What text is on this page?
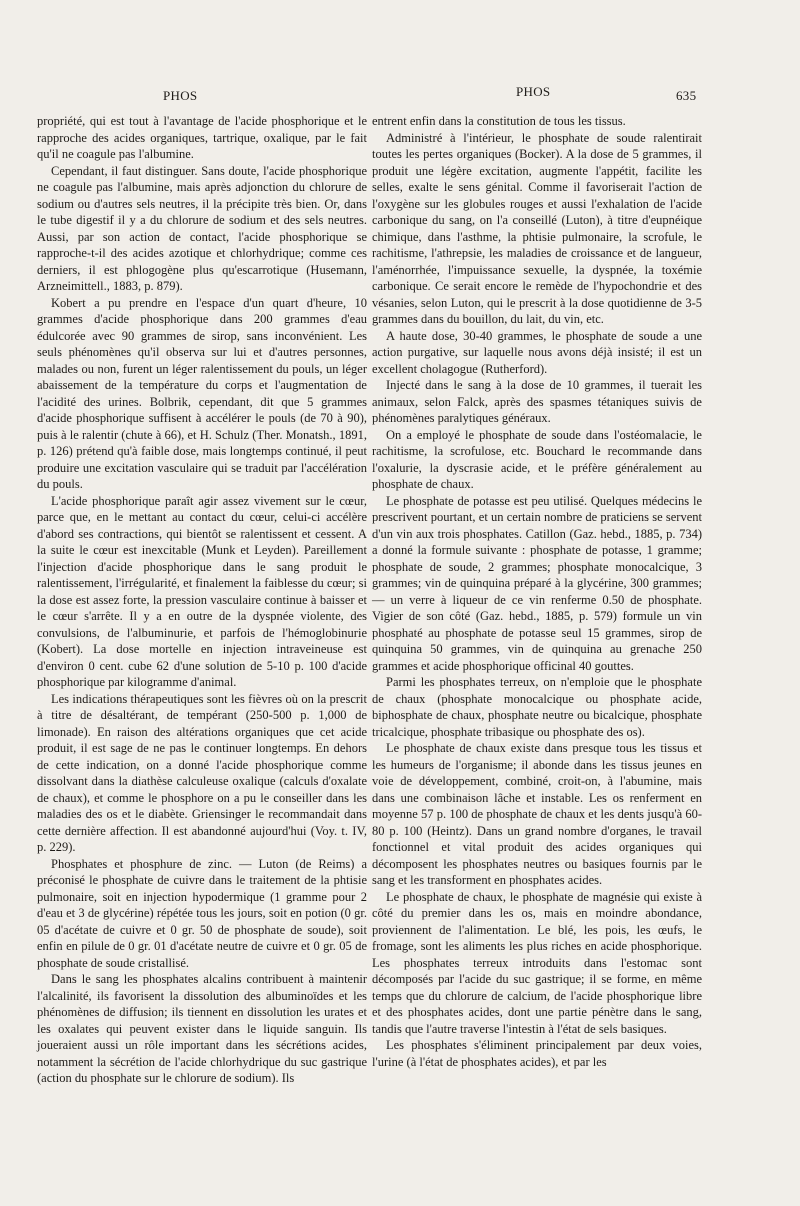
PHOS	PHOS	635

propriété, qui est tout à l'avantage de l'acide phosphorique et le rapproche des acides organiques, tartrique, oxalique, par le fait qu'il ne coagule pas l'albumine.

Cependant, il faut distinguer. Sans doute, l'acide phosphorique ne coagule pas l'albumine, mais après adjonction du chlorure de sodium ou d'autres sels neutres, il la précipite très bien. Or, dans le tube digestif il y a du chlorure de sodium et des sels neutres. Aussi, par son action de contact, l'acide phosphorique se rapproche-t-il des acides azotique et chlorhydrique; comme ces derniers, il est phlogogène plus qu'escarrotique (Husemann, Arzneimittell., 1883, p. 879).

Kobert a pu prendre en l'espace d'un quart d'heure, 10 grammes d'acide phosphorique dans 200 grammes d'eau édulcorée avec 90 grammes de sirop, sans inconvénient. Les seuls phénomènes qu'il observa sur lui et d'autres personnes, malades ou non, furent un léger ralentissement du pouls, un léger abaissement de la température du corps et l'augmentation de l'acidité des urines. Bolbrik, cependant, dit que 5 grammes d'acide phosphorique suffisent à accélérer le pouls (de 70 à 90), puis à le ralentir (chute à 66), et H. Schulz (Ther. Monatsh., 1891, p. 126) prétend qu'à faible dose, mais longtemps continué, il peut produire une excitation vasculaire qui se traduit par l'accélération du pouls.

L'acide phosphorique paraît agir assez vivement sur le cœur, parce que, en le mettant au contact du cœur, celui-ci accélère d'abord ses contractions, qui bientôt se ralentissent et cessent. A la suite le cœur est inexcitable (Munk et Leyden). Pareillement l'injection d'acide phosphorique dans le sang produit le ralentissement, l'irrégularité, et finalement la faiblesse du cœur; si la dose est assez forte, la pression vasculaire continue à baisser et le cœur s'arrête. Il y a en outre de la dyspnée violente, des convulsions, de l'albuminurie, et parfois de l'hémoglobinurie (Kobert). La dose mortelle en injection intraveineuse est d'environ 0 cent. cube 62 d'une solution de 5-10 p. 100 d'acide phosphorique par kilogramme d'animal.

Les indications thérapeutiques sont les fièvres où on la prescrit à titre de désaltérant, de tempérant (250-500 p. 1,000 de limonade). En raison des altérations organiques que cet acide produit, il est sage de ne pas le continuer longtemps. En dehors de cette indication, on a donné l'acide phosphorique comme dissolvant dans la diathèse calculeuse oxalique (calculs d'oxalate de chaux), et comme le phosphore on a pu le conseiller dans les maladies des os et le diabète. Griensinger le recommandait dans cette dernière affection. Il est abandonné aujourd'hui (Voy. t. IV, p. 229).

Phosphates et phosphure de zinc. — Luton (de Reims) a préconisé le phosphate de cuivre dans le traitement de la phtisie pulmonaire, soit en injection hypodermique (1 gramme pour 2 d'eau et 3 de glycérine) répétée tous les jours, soit en potion (0 gr. 05 d'acétate de cuivre et 0 gr. 50 de phosphate de soude), soit enfin en pilule de 0 gr. 01 d'acétate neutre de cuivre et 0 gr. 05 de phosphate de soude cristallisé.

Dans le sang les phosphates alcalins contribuent à maintenir l'alcalinité, ils favorisent la dissolution des albuminoïdes et les phénomènes de diffusion; ils tiennent en dissolution les urates et les oxalates qui peuvent exister dans le liquide sanguin. Ils joueraient aussi un rôle important dans les sécrétions acides, notamment la sécrétion de l'acide chlorhydrique du suc gastrique (action du phosphate sur le chlorure de sodium). Ils

entrent enfin dans la constitution de tous les tissus.

Administré à l'intérieur, le phosphate de soude ralentirait toutes les pertes organiques (Bocker). A la dose de 5 grammes, il produit une légère excitation, augmente l'appétit, facilite les selles, exalte le sens génital. Comme il favoriserait l'action de l'oxygène sur les globules rouges et aussi l'exhalation de l'acide carbonique du sang, on l'a conseillé (Luton), à titre d'eupnéique chimique, dans l'asthme, la phtisie pulmonaire, la scrofule, le rachitisme, l'athrepsie, les maladies de croissance et de langueur, l'aménorrhée, l'impuissance sexuelle, la dyspnée, la toxémie carbonique. Ce serait encore le remède de l'hypochondrie et des vésanies, selon Luton, qui le prescrit à la dose quotidienne de 3-5 grammes dans du bouillon, du lait, du vin, etc.

A haute dose, 30-40 grammes, le phosphate de soude a une action purgative, sur laquelle nous avons déjà insisté; il est un excellent cholagogue (Rutherford).

Injecté dans le sang à la dose de 10 grammes, il tuerait les animaux, selon Falck, après des spasmes tétaniques suivis de phénomènes paralytiques généraux.

On a employé le phosphate de soude dans l'ostéomalacie, le rachitisme, la scrofulose, etc. Bouchard le recommande dans l'oxalurie, la dyscrasie acide, et le préfère généralement au phosphate de chaux.

Le phosphate de potasse est peu utilisé. Quelques médecins le prescrivent pourtant, et un certain nombre de praticiens se servent d'un vin aux trois phosphates. Catillon (Gaz. hebd., 1885, p. 734) a donné la formule suivante : phosphate de potasse, 1 gramme; phosphate de soude, 2 grammes; phosphate monocalcique, 3 grammes; vin de quinquina préparé à la glycérine, 300 grammes; — un verre à liqueur de ce vin renferme 0.50 de phosphate. Vigier de son côté (Gaz. hebd., 1885, p. 579) formule un vin phosphaté au phosphate de potasse seul 15 grammes, sirop de quinquina 50 grammes, vin de quinquina au grenache 250 grammes et acide phosphorique officinal 40 gouttes.

Parmi les phosphates terreux, on n'emploie que le phosphate de chaux (phosphate monocalcique ou phosphate acide, biphosphate de chaux, phosphate neutre ou bicalcique, phosphate tricalcique, phosphate tribasique ou phosphate des os).

Le phosphate de chaux existe dans presque tous les tissus et les humeurs de l'organisme; il abonde dans les tissus jeunes en voie de développement, combiné, croit-on, à l'abumine, mais dans une combinaison lâche et instable. Les os renferment en moyenne 57 p. 100 de phosphate de chaux et les dents jusqu'à 60-80 p. 100 (Heintz). Dans un grand nombre d'organes, le travail fonctionnel et vital produit des acides organiques qui décomposent les phosphates neutres ou basiques fournis par le sang et les transforment en phosphates acides.

Le phosphate de chaux, le phosphate de magnésie qui existe à côté du premier dans les os, mais en moindre abondance, proviennent de l'alimentation. Le blé, les pois, les œufs, le fromage, sont les aliments les plus riches en acide phosphorique. Les phosphates terreux introduits dans l'estomac sont décomposés par l'acide du suc gastrique; il se forme, en même temps que du chlorure de calcium, de l'acide phosphorique libre et des phosphates acides, dont une partie pénètre dans le sang, tandis que l'autre traverse l'intestin à l'état de sels basiques.

Les phosphates s'éliminent principalement par deux voies, l'urine (à l'état de phosphates acides), et par les
